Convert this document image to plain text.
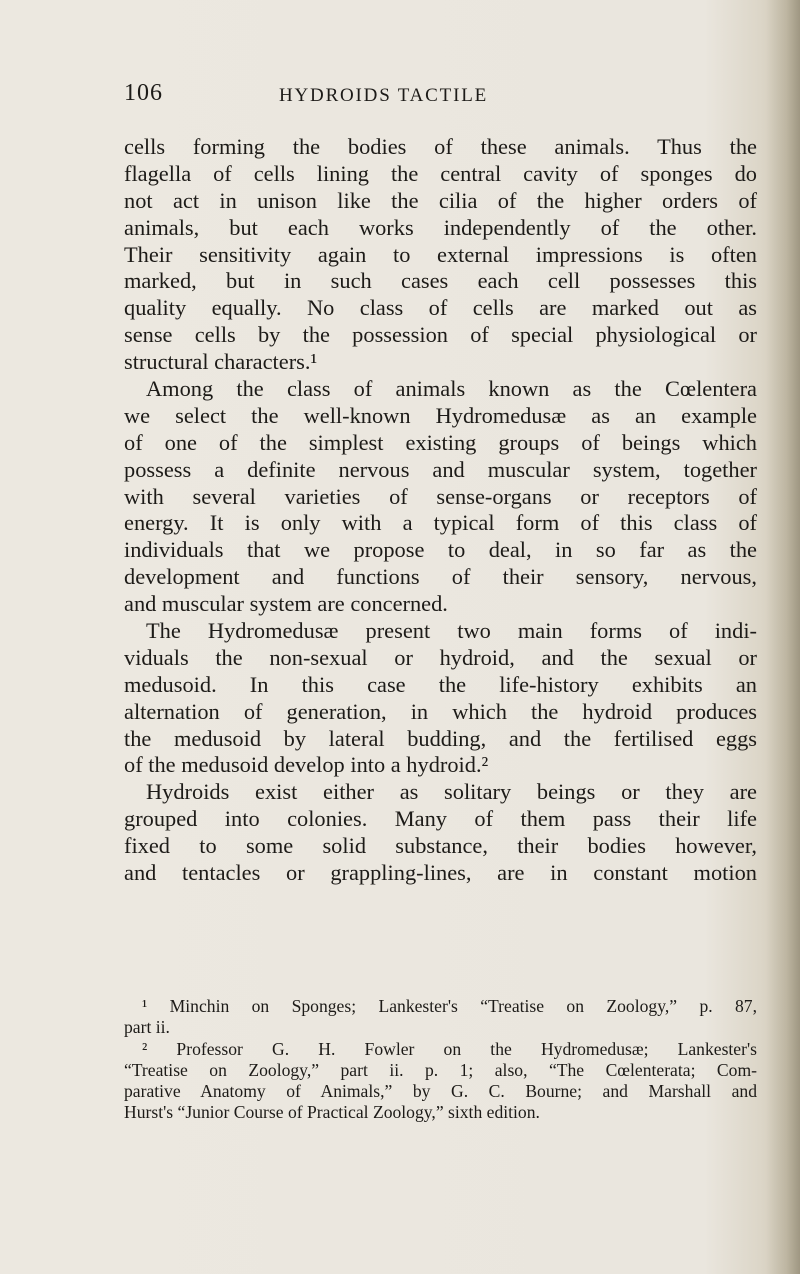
106	HYDROIDS TACTILE
cells forming the bodies of these animals. Thus the
flagella of cells lining the central cavity of sponges do
not act in unison like the cilia of the higher orders of
animals, but each works independently of the other.
Their sensitivity again to external impressions is often
marked, but in such cases each cell possesses this
quality equally. No class of cells are marked out as
sense cells by the possession of special physiological or
structural characters.¹
Among the class of animals known as the Cœlentera
we select the well-known Hydromedusæ as an example
of one of the simplest existing groups of beings which
possess a definite nervous and muscular system, together
with several varieties of sense-organs or receptors of
energy. It is only with a typical form of this class of
individuals that we propose to deal, in so far as the
development and functions of their sensory, nervous,
and muscular system are concerned.
The Hydromedusæ present two main forms of indi-
viduals the non-sexual or hydroid, and the sexual or
medusoid. In this case the life-history exhibits an
alternation of generation, in which the hydroid produces
the medusoid by lateral budding, and the fertilised eggs
of the medusoid develop into a hydroid.²
Hydroids exist either as solitary beings or they are
grouped into colonies. Many of them pass their life
fixed to some solid substance, their bodies however,
and tentacles or grappling-lines, are in constant motion
¹ Minchin on Sponges; Lankester's “Treatise on Zoology,” p. 87,
part ii.
² Professor G. H. Fowler on the Hydromedusæ; Lankester's
“Treatise on Zoology,” part ii. p. 1; also, “The Cœlenterata; Com-
parative Anatomy of Animals,” by G. C. Bourne; and Marshall and
Hurst's “Junior Course of Practical Zoology,” sixth edition.
